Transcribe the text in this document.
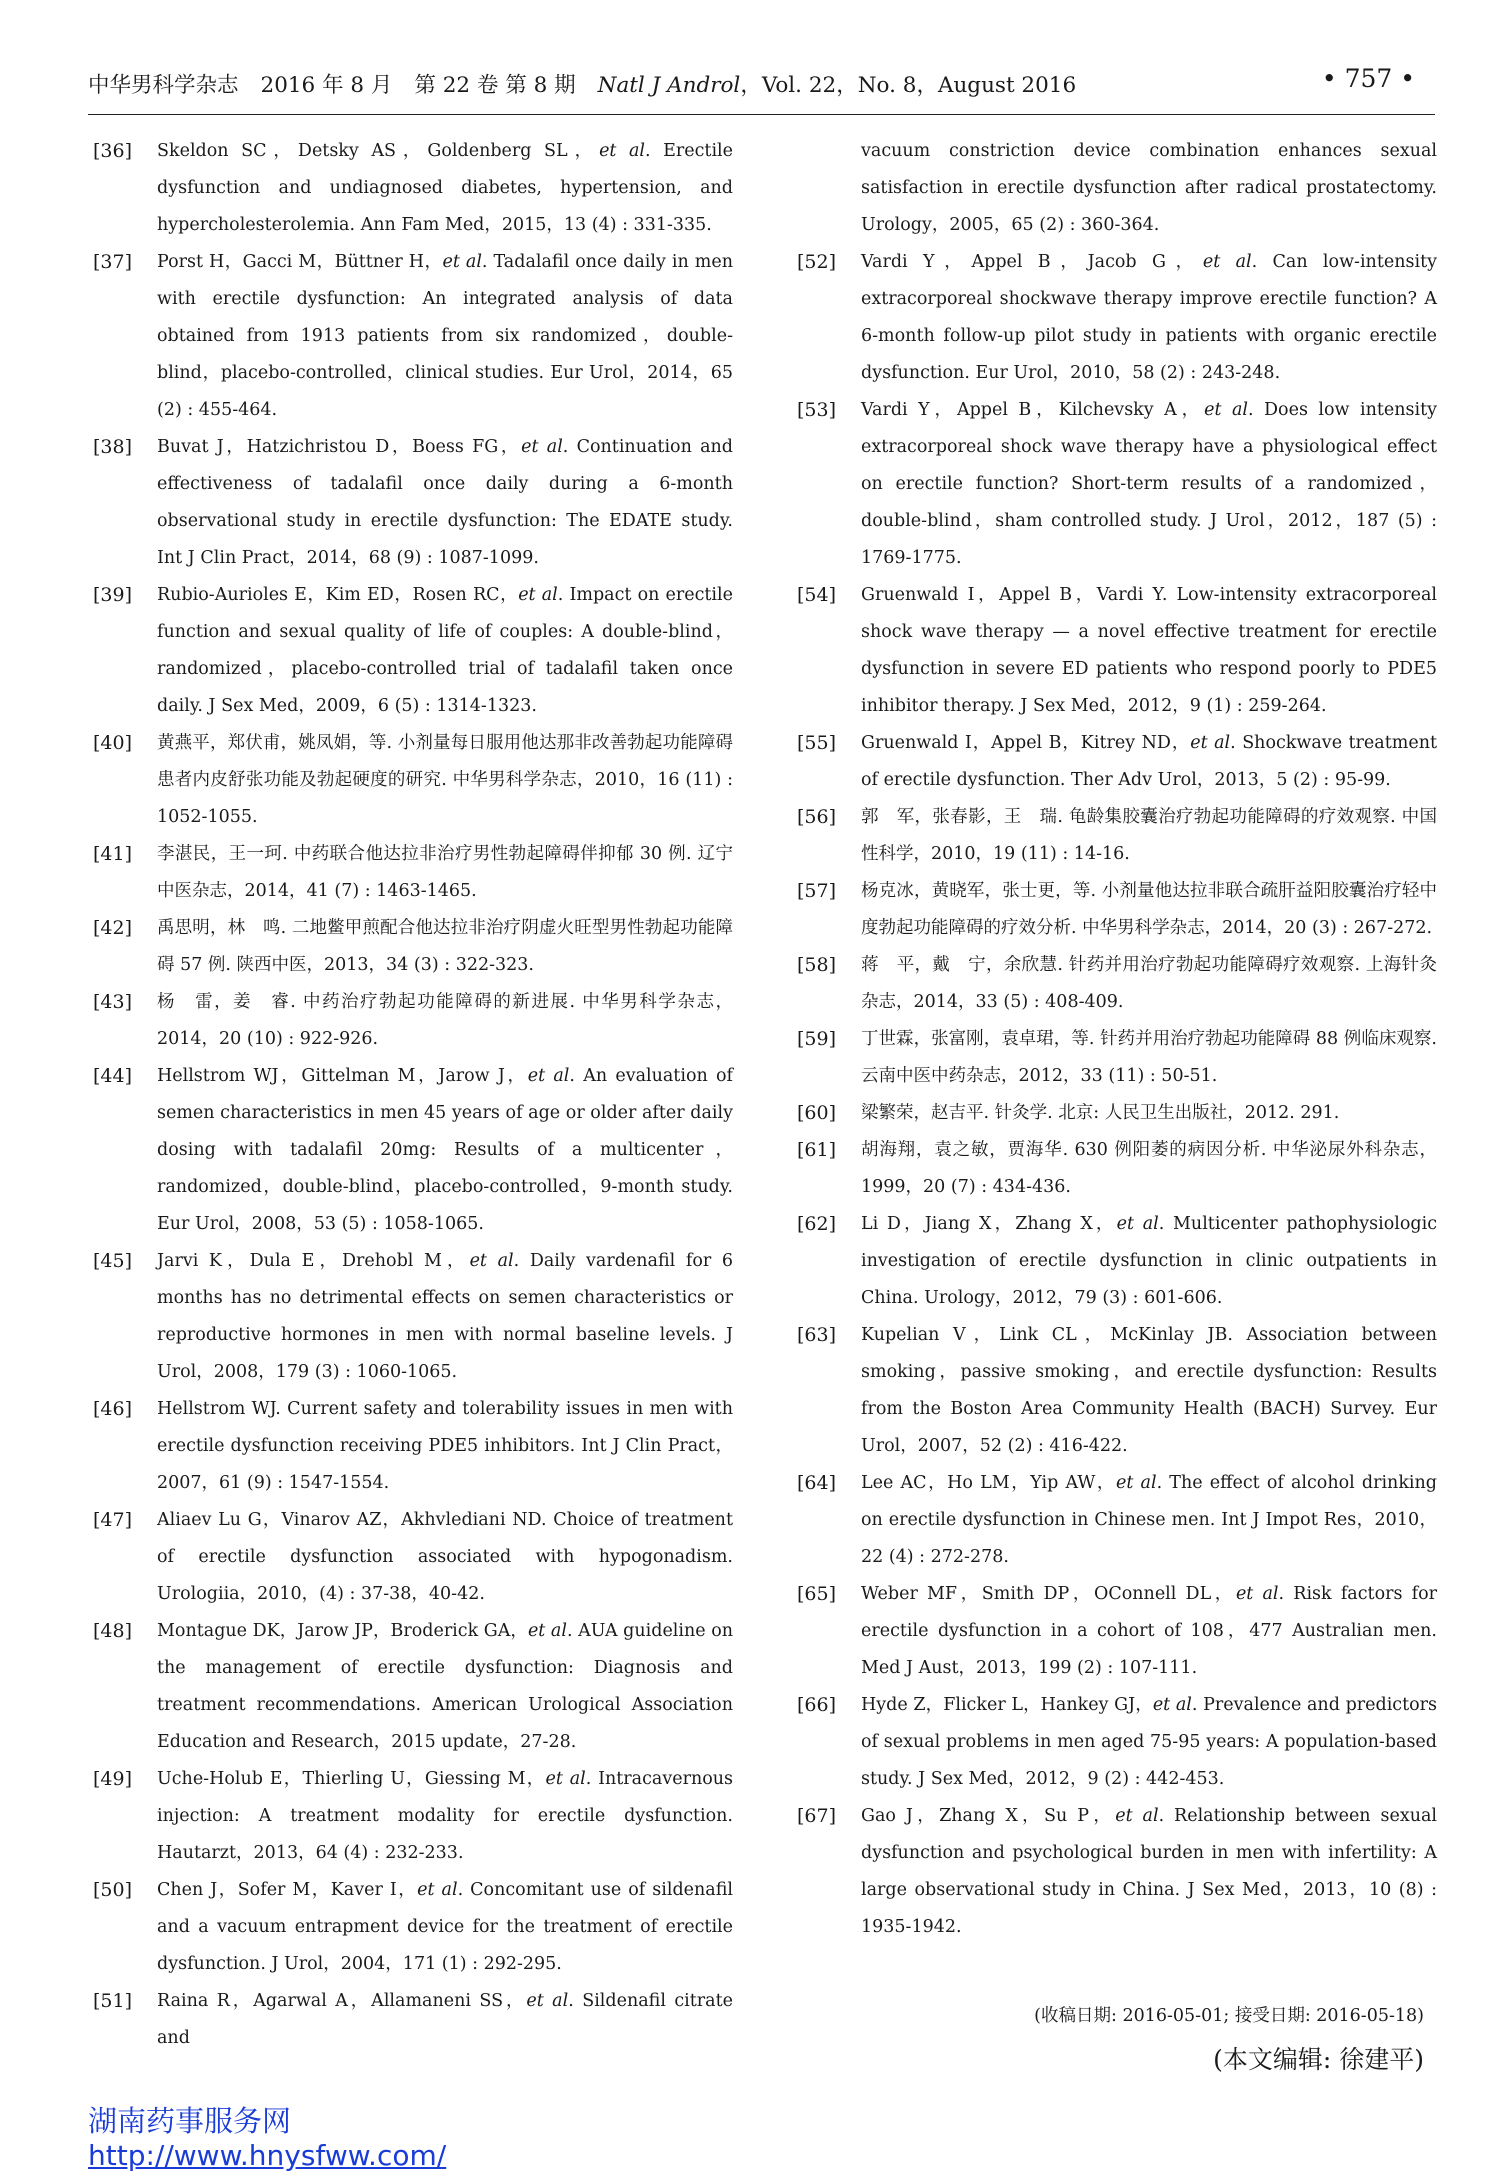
中华男科学杂志 2016 年 8 月 第 22 卷 第 8 期 Natl J Androl，Vol. 22，No. 8，August 2016	• 757 •
[36] Skeldon SC，Detsky AS，Goldenberg SL，et al. Erectile dysfunction and undiagnosed diabetes, hypertension, and hypercholesterolemia. Ann Fam Med，2015，13 (4) : 331-335.
[37] Porst H，Gacci M，Büttner H，et al. Tadalafil once daily in men with erectile dysfunction: An integrated analysis of data obtained from 1913 patients from six randomized，double-blind，placebo-controlled，clinical studies. Eur Urol，2014，65 (2) : 455-464.
[38] Buvat J，Hatzichristou D，Boess FG，et al. Continuation and effectiveness of tadalafil once daily during a 6-month observational study in erectile dysfunction: The EDATE study. Int J Clin Pract，2014，68 (9) : 1087-1099.
[39] Rubio-Aurioles E，Kim ED，Rosen RC，et al. Impact on erectile function and sexual quality of life of couples: A double-blind，randomized，placebo-controlled trial of tadalafil taken once daily. J Sex Med，2009，6 (5) : 1314-1323.
[40] 黄燕平，郑伏甫，姚凤娟，等. 小剂量每日服用他达那非改善勃起功能障碍患者内皮舒张功能及勃起硬度的研究. 中华男科学杂志，2010，16 (11) : 1052-1055.
[41] 李湛民，王一珂. 中药联合他达拉非治疗男性勃起障碍伴抑郁 30 例. 辽宁中医杂志，2014，41 (7) : 1463-1465.
[42] 禹思明，林　鸣. 二地鳖甲煎配合他达拉非治疗阴虚火旺型男性勃起功能障碍 57 例. 陕西中医，2013，34 (3) : 322-323.
[43] 杨　雷，姜　睿. 中药治疗勃起功能障碍的新进展. 中华男科学杂志，2014，20 (10) : 922-926.
[44] Hellstrom WJ，Gittelman M，Jarow J，et al. An evaluation of semen characteristics in men 45 years of age or older after daily dosing with tadalafil 20mg: Results of a multicenter，randomized，double-blind，placebo-controlled，9-month study. Eur Urol，2008，53 (5) : 1058-1065.
[45] Jarvi K，Dula E，Drehobl M，et al. Daily vardenafil for 6 months has no detrimental effects on semen characteristics or reproductive hormones in men with normal baseline levels. J Urol，2008，179 (3) : 1060-1065.
[46] Hellstrom WJ. Current safety and tolerability issues in men with erectile dysfunction receiving PDE5 inhibitors. Int J Clin Pract，2007，61 (9) : 1547-1554.
[47] Aliaev Lu G，Vinarov AZ，Akhvlediani ND. Choice of treatment of erectile dysfunction associated with hypogonadism. Urologiia，2010，(4) : 37-38，40-42.
[48] Montague DK，Jarow JP，Broderick GA，et al. AUA guideline on the management of erectile dysfunction: Diagnosis and treatment recommendations. American Urological Association Education and Research，2015 update，27-28.
[49] Uche-Holub E，Thierling U，Giessing M，et al. Intracavernous injection: A treatment modality for erectile dysfunction. Hautarzt，2013，64 (4) : 232-233.
[50] Chen J，Sofer M，Kaver I，et al. Concomitant use of sildenafil and a vacuum entrapment device for the treatment of erectile dysfunction. J Urol，2004，171 (1) : 292-295.
[51] Raina R，Agarwal A，Allamaneni SS，et al. Sildenafil citrate and
vacuum constriction device combination enhances sexual satisfaction in erectile dysfunction after radical prostatectomy. Urology，2005，65 (2) : 360-364.
[52] Vardi Y，Appel B，Jacob G，et al. Can low-intensity extracorporeal shockwave therapy improve erectile function? A 6-month follow-up pilot study in patients with organic erectile dysfunction. Eur Urol，2010，58 (2) : 243-248.
[53] Vardi Y，Appel B，Kilchevsky A，et al. Does low intensity extracorporeal shock wave therapy have a physiological effect on erectile function? Short-term results of a randomized，double-blind，sham controlled study. J Urol，2012，187 (5) : 1769-1775.
[54] Gruenwald I，Appel B，Vardi Y. Low-intensity extracorporeal shock wave therapy — a novel effective treatment for erectile dysfunction in severe ED patients who respond poorly to PDE5 inhibitor therapy. J Sex Med，2012，9 (1) : 259-264.
[55] Gruenwald I，Appel B，Kitrey ND，et al. Shockwave treatment of erectile dysfunction. Ther Adv Urol，2013，5 (2) : 95-99.
[56] 郭　军，张春影，王　瑞. 龟龄集胶囊治疗勃起功能障碍的疗效观察. 中国性科学，2010，19 (11) : 14-16.
[57] 杨克冰，黄晓军，张士更，等. 小剂量他达拉非联合疏肝益阳胶囊治疗轻中度勃起功能障碍的疗效分析. 中华男科学杂志，2014，20 (3) : 267-272.
[58] 蒋　平，戴　宁，余欣慧. 针药并用治疗勃起功能障碍疗效观察. 上海针灸杂志，2014，33 (5) : 408-409.
[59] 丁世霖，张富刚，袁卓珺，等. 针药并用治疗勃起功能障碍 88 例临床观察. 云南中医中药杂志，2012，33 (11) : 50-51.
[60] 梁繁荣，赵吉平. 针灸学. 北京: 人民卫生出版社，2012. 291.
[61] 胡海翔，袁之敏，贾海华. 630 例阳萎的病因分析. 中华泌尿外科杂志，1999，20 (7) : 434-436.
[62] Li D，Jiang X，Zhang X，et al. Multicenter pathophysiologic investigation of erectile dysfunction in clinic outpatients in China. Urology，2012，79 (3) : 601-606.
[63] Kupelian V，Link CL，McKinlay JB. Association between smoking，passive smoking，and erectile dysfunction: Results from the Boston Area Community Health (BACH) Survey. Eur Urol，2007，52 (2) : 416-422.
[64] Lee AC，Ho LM，Yip AW，et al. The effect of alcohol drinking on erectile dysfunction in Chinese men. Int J Impot Res，2010，22 (4) : 272-278.
[65] Weber MF，Smith DP，OConnell DL，et al. Risk factors for erectile dysfunction in a cohort of 108，477 Australian men. Med J Aust，2013，199 (2) : 107-111.
[66] Hyde Z，Flicker L，Hankey GJ，et al. Prevalence and predictors of sexual problems in men aged 75-95 years: A population-based study. J Sex Med，2012，9 (2) : 442-453.
[67] Gao J，Zhang X，Su P，et al. Relationship between sexual dysfunction and psychological burden in men with infertility: A large observational study in China. J Sex Med，2013，10 (8) : 1935-1942.
(收稿日期: 2016-05-01; 接受日期: 2016-05-18)
(本文编辑: 徐建平)
湖南药事服务网
http://www.hnysfww.com/
